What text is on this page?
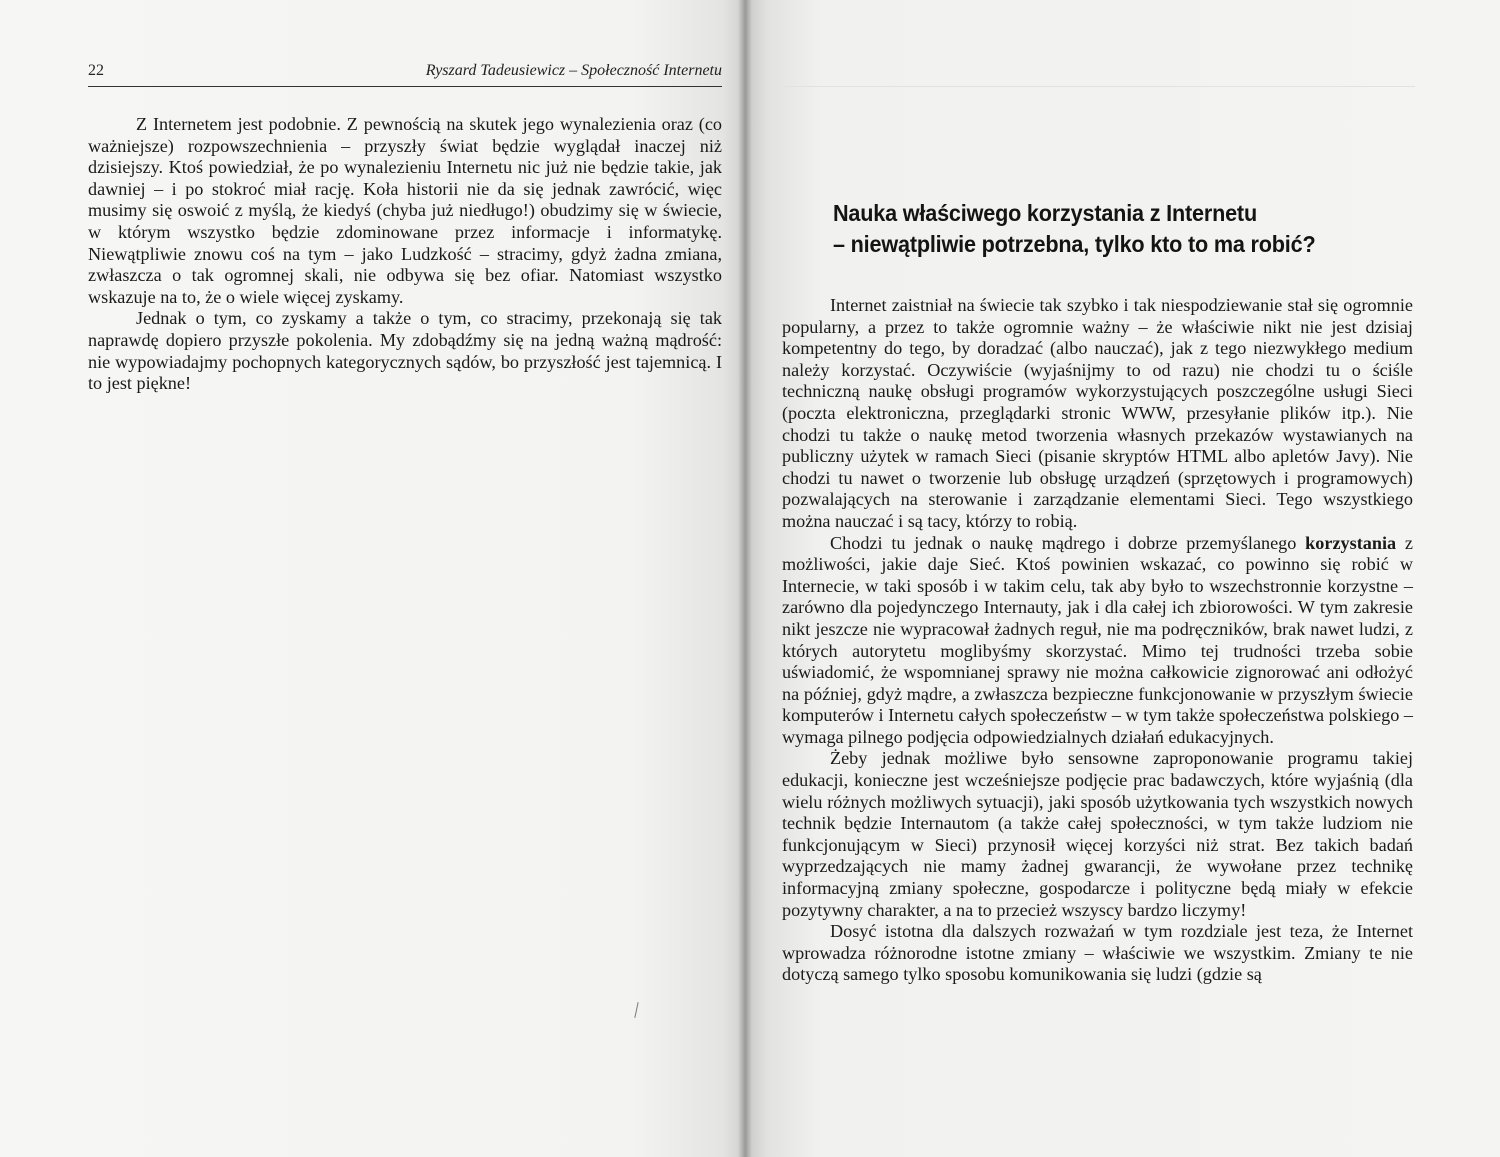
22	Ryszard Tadeusiewicz – Społeczność Internetu

Z Internetem jest podobnie. Z pewnością na skutek jego wynalezienia oraz (co ważniejsze) rozpowszechnienia – przyszły świat będzie wyglądał inaczej niż dzisiejszy. Ktoś powiedział, że po wynalezieniu Internetu nic już nie będzie takie, jak dawniej – i po stokroć miał rację. Koła historii nie da się jednak zawrócić, więc musimy się oswoić z myślą, że kiedyś (chyba już niedługo!) obudzimy się w świecie, w którym wszystko będzie zdominowane przez informacje i informatykę. Niewątpliwie znowu coś na tym – jako Ludzkość – stracimy, gdyż żadna zmiana, zwłaszcza o tak ogromnej skali, nie odbywa się bez ofiar. Natomiast wszystko wskazuje na to, że o wiele więcej zyskamy.

Jednak o tym, co zyskamy a także o tym, co stracimy, przekonają się tak naprawdę dopiero przyszłe pokolenia. My zdobądźmy się na jedną ważną mądrość: nie wypowiadajmy pochopnych kategorycznych sądów, bo przyszłość jest tajemnicą. I to jest piękne!

Nauka właściwego korzystania z Internetu
– niewątpliwie potrzebna, tylko kto to ma robić?

Internet zaistniał na świecie tak szybko i tak niespodziewanie stał się ogromnie popularny, a przez to także ogromnie ważny – że właściwie nikt nie jest dzisiaj kompetentny do tego, by doradzać (albo nauczać), jak z tego niezwykłego medium należy korzystać. Oczywiście (wyjaśnijmy to od razu) nie chodzi tu o ściśle techniczną naukę obsługi programów wykorzystujących poszczególne usługi Sieci (poczta elektroniczna, przeglądarki stronic WWW, przesyłanie plików itp.). Nie chodzi tu także o naukę metod tworzenia własnych przekazów wystawianych na publiczny użytek w ramach Sieci (pisanie skryptów HTML albo apletów Javy). Nie chodzi tu nawet o tworzenie lub obsługę urządzeń (sprzętowych i programowych) pozwalających na sterowanie i zarządzanie elementami Sieci. Tego wszystkiego można nauczać i są tacy, którzy to robią.

Chodzi tu jednak o naukę mądrego i dobrze przemyślanego korzystania z możliwości, jakie daje Sieć. Ktoś powinien wskazać, co powinno się robić w Internecie, w taki sposób i w takim celu, tak aby było to wszechstronnie korzystne – zarówno dla pojedynczego Internauty, jak i dla całej ich zbiorowości. W tym zakresie nikt jeszcze nie wypracował żadnych reguł, nie ma podręczników, brak nawet ludzi, z których autorytetu moglibyśmy skorzystać. Mimo tej trudności trzeba sobie uświadomić, że wspomnianej sprawy nie można całkowicie zignorować ani odłożyć na później, gdyż mądre, a zwłaszcza bezpieczne funkcjonowanie w przyszłym świecie komputerów i Internetu całych społeczeństw – w tym także społeczeństwa polskiego – wymaga pilnego podjęcia odpowiedzialnych działań edukacyjnych.

Żeby jednak możliwe było sensowne zaproponowanie programu takiej edukacji, konieczne jest wcześniejsze podjęcie prac badawczych, które wyjaśnią (dla wielu różnych możliwych sytuacji), jaki sposób użytkowania tych wszystkich nowych technik będzie Internautom (a także całej społeczności, w tym także ludziom nie funkcjonującym w Sieci) przynosił więcej korzyści niż strat. Bez takich badań wyprzedzających nie mamy żadnej gwarancji, że wywołane przez technikę informacyjną zmiany społeczne, gospodarcze i polityczne będą miały w efekcie pozytywny charakter, a na to przecież wszyscy bardzo liczymy!

Dosyć istotna dla dalszych rozważań w tym rozdziale jest teza, że Internet wprowadza różnorodne istotne zmiany – właściwie we wszystkim. Zmiany te nie dotyczą samego tylko sposobu komunikowania się ludzi (gdzie są
